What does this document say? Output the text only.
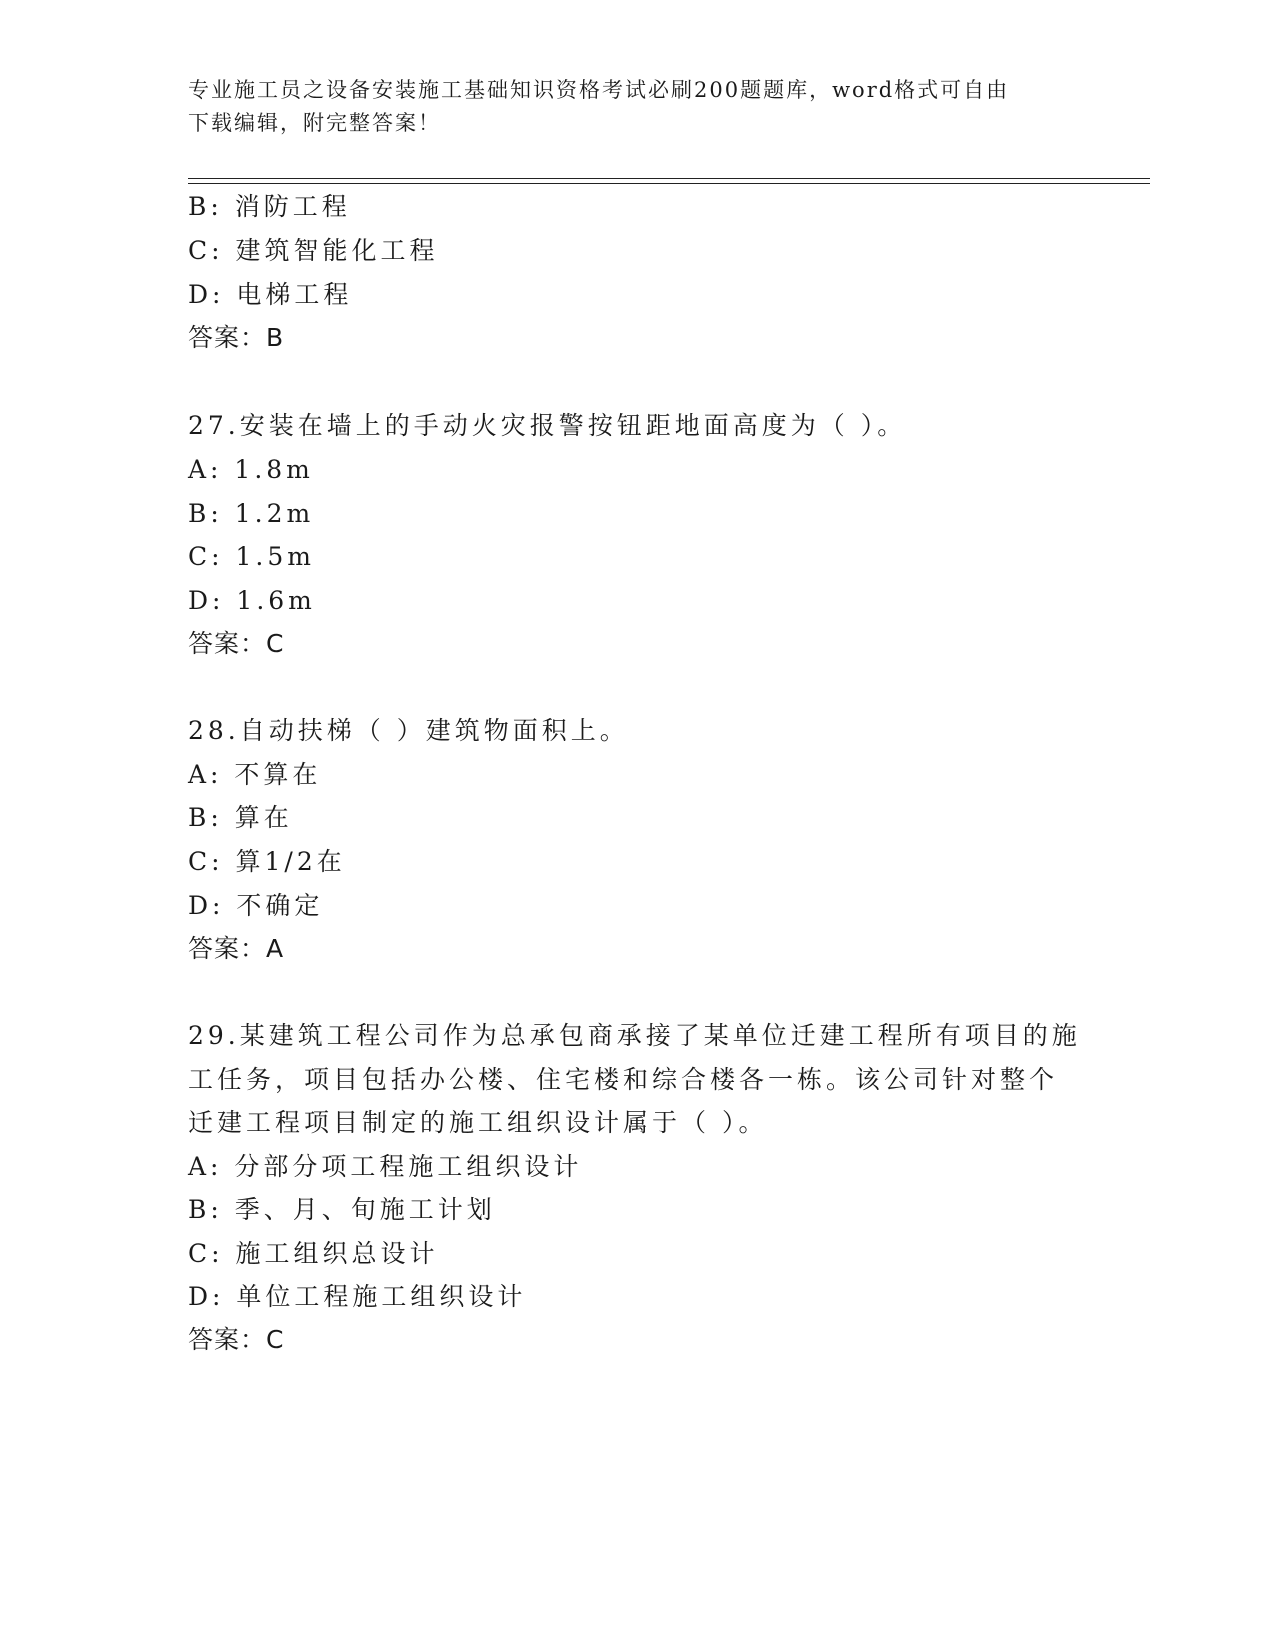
专业施工员之设备安装施工基础知识资格考试必刷200题题库，word格式可自由
下载编辑，附完整答案！
B: 消防工程
C: 建筑智能化工程
D: 电梯工程
答案：B
27.安装在墙上的手动火灾报警按钮距地面高度为（ ）。
A: 1.8m
B: 1.2m
C: 1.5m
D: 1.6m
答案：C
28.自动扶梯（ ）建筑物面积上。
A: 不算在
B: 算在
C: 算1/2在
D: 不确定
答案：A
29.某建筑工程公司作为总承包商承接了某单位迁建工程所有项目的施
工任务，项目包括办公楼、住宅楼和综合楼各一栋。该公司针对整个
迁建工程项目制定的施工组织设计属于（ ）。
A: 分部分项工程施工组织设计
B: 季、月、旬施工计划
C: 施工组织总设计
D: 单位工程施工组织设计
答案：C
